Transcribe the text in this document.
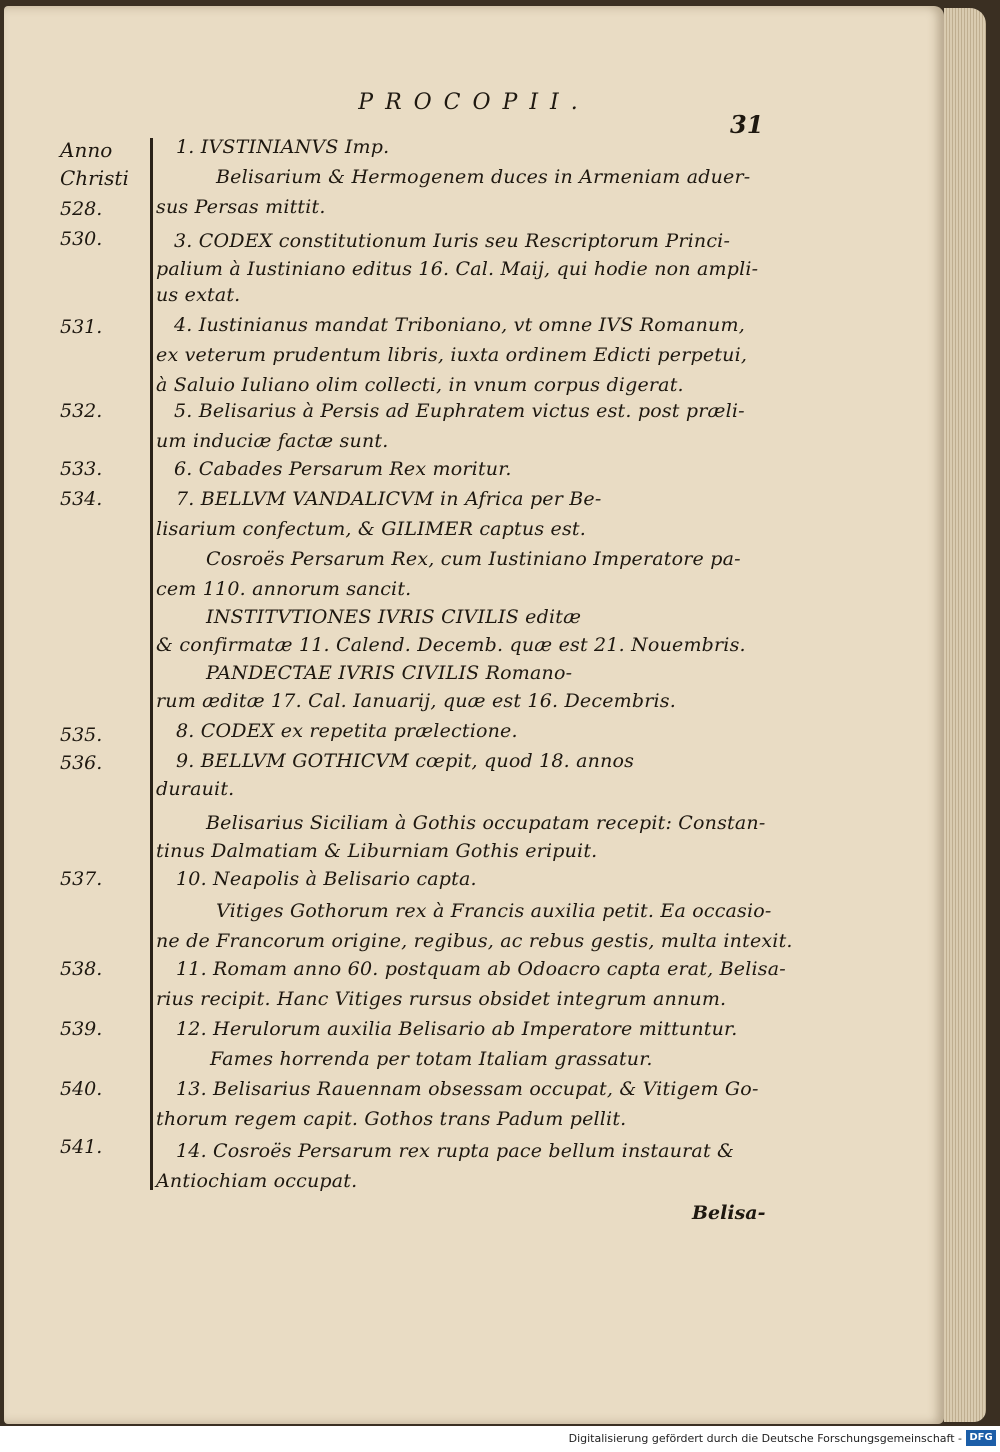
PROCOPII.
31
Anno
Christi
528.
530.
531.
532.
533.
534.
535.
536.
537.
538.
539.
540.
541.
1. IVSTINIANVS Imp.
Belisarium & Hermogenem duces in Armeniam aduer-
sus Persas mittit.
3. CODEX constitutionum Iuris seu Rescriptorum Princi-
palium à Iustiniano editus 16. Cal. Maij, qui hodie non ampli-
us extat.
4. Iustinianus mandat Triboniano, vt omne IVS Romanum,
ex veterum prudentum libris, iuxta ordinem Edicti perpetui,
à Saluio Iuliano olim collecti, in vnum corpus digerat.
5. Belisarius à Persis ad Euphratem victus est. post præli-
um induciæ factæ sunt.
6. Cabades Persarum Rex moritur.
7. BELLVM VANDALICVM in Africa per Be-
lisarium confectum, & GILIMER captus est.
Cosroës Persarum Rex, cum Iustiniano Imperatore pa-
cem 110. annorum sancit.
INSTITVTIONES IVRIS CIVILIS editæ
& confirmatæ 11. Calend. Decemb. quæ est 21. Nouembris.
PANDECTAE IVRIS CIVILIS Romano-
rum æditæ 17. Cal. Ianuarij, quæ est 16. Decembris.
8. CODEX ex repetita prælectione.
9. BELLVM GOTHICVM cœpit, quod 18. annos
durauit.
Belisarius Siciliam à Gothis occupatam recepit: Constan-
tinus Dalmatiam & Liburniam Gothis eripuit.
10. Neapolis à Belisario capta.
Vitiges Gothorum rex à Francis auxilia petit. Ea occasio-
ne de Francorum origine, regibus, ac rebus gestis, multa intexit.
11. Romam anno 60. postquam ab Odoacro capta erat, Belisa-
rius recipit. Hanc Vitiges rursus obsidet integrum annum.
12. Herulorum auxilia Belisario ab Imperatore mittuntur.
Fames horrenda per totam Italiam grassatur.
13. Belisarius Rauennam obsessam occupat, & Vitigem Go-
thorum regem capit. Gothos trans Padum pellit.
14. Cosroës Persarum rex rupta pace bellum instaurat &
Antiochiam occupat.
Belisa-
Digitalisierung gefördert durch die Deutsche Forschungsgemeinschaft - DFG
